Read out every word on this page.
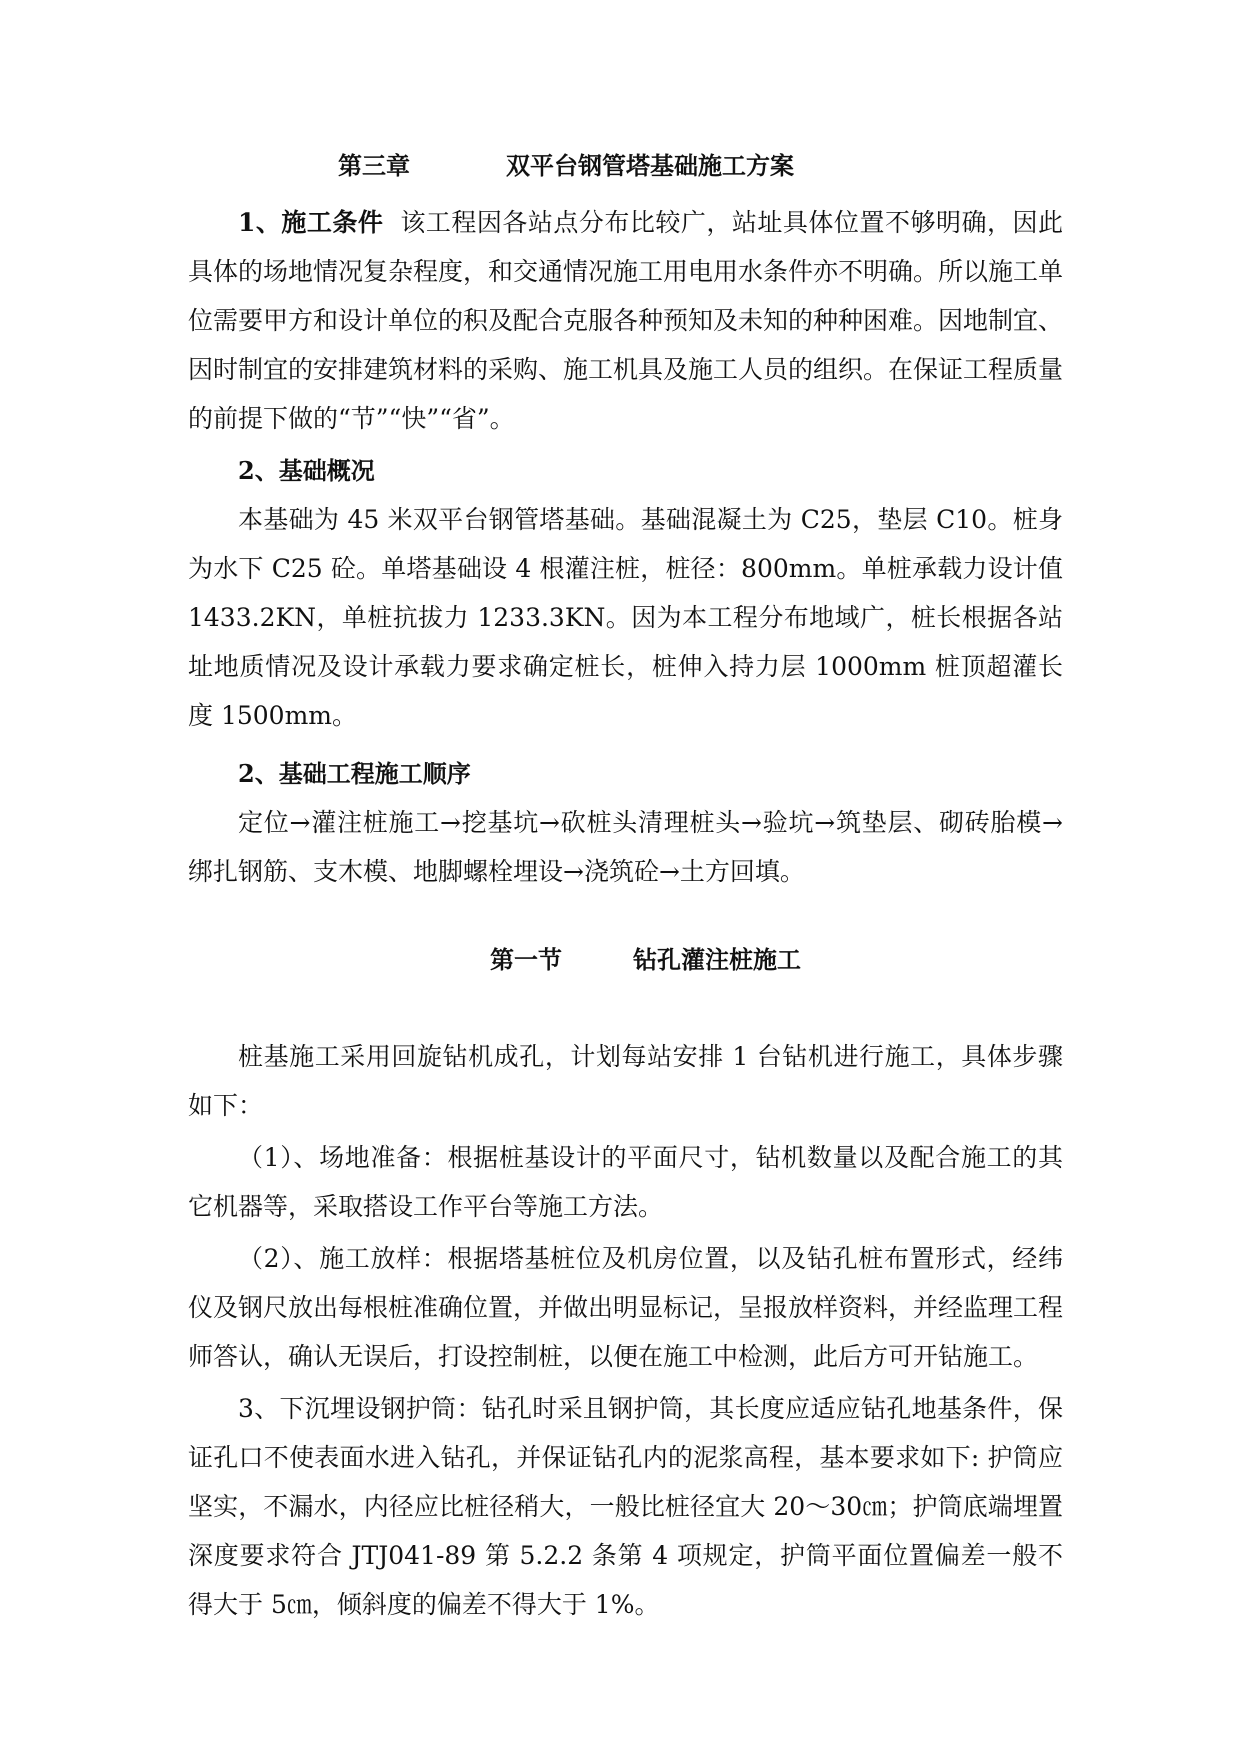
第三章	双平台钢管塔基础施工方案

1、施工条件 该工程因各站点分布比较广，站址具体位置不够明确，因此具体的场地情况复杂程度，和交通情况施工用电用水条件亦不明确。所以施工单位需要甲方和设计单位的积及配合克服各种预知及未知的种种困难。因地制宜、因时制宜的安排建筑材料的采购、施工机具及施工人员的组织。在保证工程质量的前提下做的“节”“快”“省”。

2、基础概况

本基础为 45 米双平台钢管塔基础。基础混凝土为 C25，垫层 C10。桩身为水下 C25 砼。单塔基础设 4 根灌注桩，桩径：800mm。单桩承载力设计值 1433.2KN，单桩抗拔力 1233.3KN。因为本工程分布地域广，桩长根据各站址地质情况及设计承载力要求确定桩长，桩伸入持力层 1000mm 桩顶超灌长度 1500mm。

2、基础工程施工顺序

定位→灌注桩施工→挖基坑→砍桩头清理桩头→验坑→筑垫层、砌砖胎模→绑扎钢筋、支木模、地脚螺栓埋设→浇筑砼→土方回填。

第一节	钻孔灌注桩施工

桩基施工采用回旋钻机成孔，计划每站安排 1 台钻机进行施工，具体步骤如下：

（1）、场地准备：根据桩基设计的平面尺寸，钻机数量以及配合施工的其它机器等，采取搭设工作平台等施工方法。

（2）、施工放样：根据塔基桩位及机房位置，以及钻孔桩布置形式，经纬仪及钢尺放出每根桩准确位置，并做出明显标记，呈报放样资料，并经监理工程师答认，确认无误后，打设控制桩，以便在施工中检测，此后方可开钻施工。

3、下沉埋设钢护筒：钻孔时采且钢护筒，其长度应适应钻孔地基条件，保证孔口不使表面水进入钻孔，并保证钻孔内的泥浆高程，基本要求如下: 护筒应坚实，不漏水，内径应比桩径稍大，一般比桩径宜大 20～30㎝；护筒底端埋置深度要求符合 JTJ041-89 第 5.2.2 条第 4 项规定，护筒平面位置偏差一般不得大于 5㎝，倾斜度的偏差不得大于 1%。
